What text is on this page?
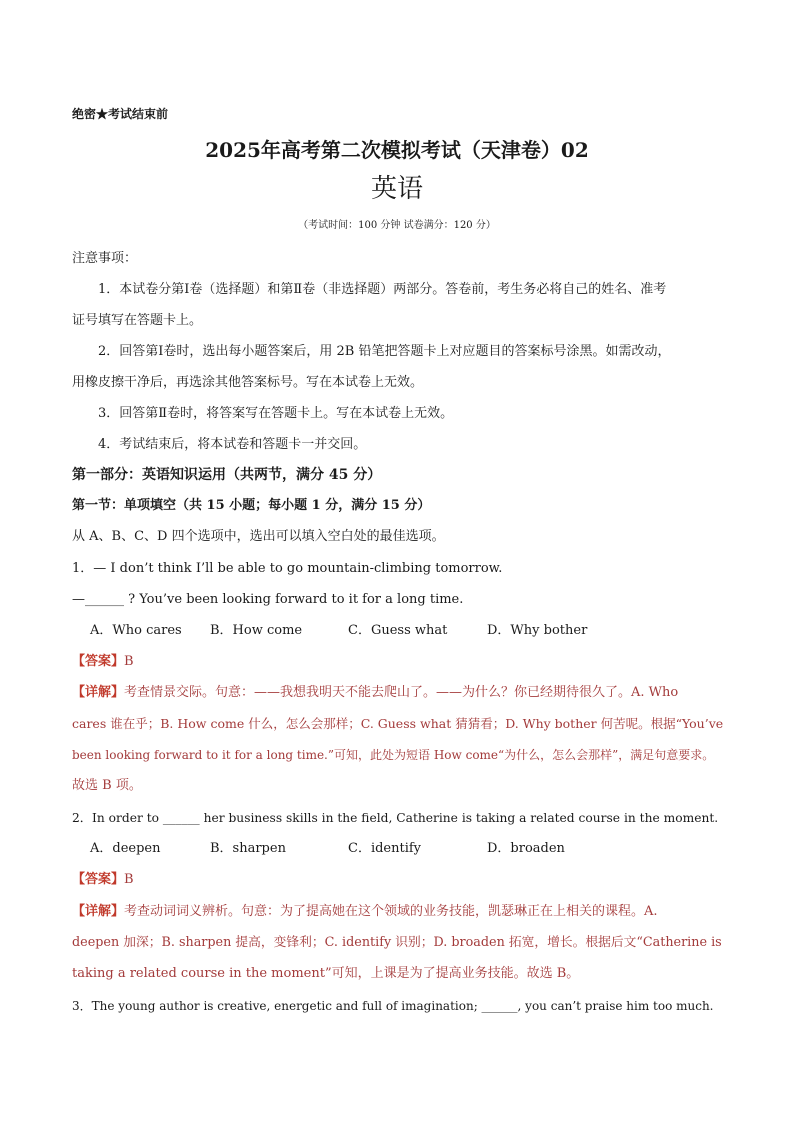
绝密★考试结束前
2025年高考第二次模拟考试（天津卷）02
英语
（考试时间：100 分钟 试卷满分：120 分）
注意事项：
1．本试卷分第Ⅰ卷（选择题）和第Ⅱ卷（非选择题）两部分。答卷前，考生务必将自己的姓名、准考
证号填写在答题卡上。
2．回答第Ⅰ卷时，选出每小题答案后，用 2B 铅笔把答题卡上对应题目的答案标号涂黑。如需改动，
用橡皮擦干净后，再选涂其他答案标号。写在本试卷上无效。
3．回答第Ⅱ卷时，将答案写在答题卡上。写在本试卷上无效。
4．考试结束后，将本试卷和答题卡一并交回。
第一部分：英语知识运用（共两节，满分 45 分）
第一节：单项填空（共 15 小题；每小题 1 分，满分 15 分）
从 A、B、C、D 四个选项中，选出可以填入空白处的最佳选项。
1．— I don’t think I’ll be able to go mountain-climbing tomorrow.
—______ ? You’ve been looking forward to it for a long time.
A．Who cares B．How come	C．Guess what	D．Why bother
【答案】B
【详解】考查情景交际。句意：——我想我明天不能去爬山了。——为什么？你已经期待很久了。A. Who
cares 谁在乎；B. How come 什么，怎么会那样；C. Guess what 猜猜看；D. Why bother 何苦呢。根据“You’ve
been looking forward to it for a long time.”可知，此处为短语 How come“为什么，怎么会那样”，满足句意要求。
故选 B 项。
2．In order to ______ her business skills in the field, Catherine is taking a related course in the moment.
A．deepen	B．sharpen	C．identify	D．broaden
【答案】B
【详解】考查动词词义辨析。句意：为了提高她在这个领域的业务技能，凯瑟琳正在上相关的课程。A.
deepen 加深；B. sharpen 提高，变锋利；C. identify 识别；D. broaden 拓宽，增长。根据后文“Catherine is
taking a related course in the moment”可知，上课是为了提高业务技能。故选 B。
3．The young author is creative, energetic and full of imagination; ______, you can’t praise him too much.
